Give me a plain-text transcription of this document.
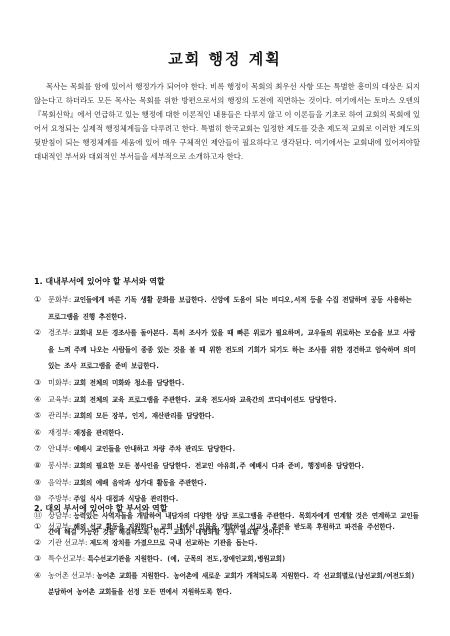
교회 행정 계획

목사는 목회를 함에 있어서 행정가가 되어야 한다. 비록 행정이 목회의 최우선 사항 또는 특별한 흥미의 대상은 되지 않는다고 하더라도 모든 목사는 목회를 위한 방편으로서의 행정의 도전에 직면하는 것이다. 여기에서는 토마스 오덴의 『목회신학』에서 언급하고 있는 행정에 대한 이론적인 내용들은 다루지 않고 이 이론들을 기초로 하여 교회의 목회에 있어서 요청되는 실제적 행정체계들을 다루려고 한다. 특별히 한국교회는 일정한 제도를 갖춘 제도적 교회로 이러한 제도의 뒷받침이 되는 행정체계를 세움에 있어 매우 구체적인 제안들이 필요하다고 생각된다. 여기에서는 교회내에 있어져야할 대내적인 부서와 대외적인 부서들을 세부적으로 소개하고자 한다.

1. 대내부서에 있어야 할 부서와 역할
① 문화부: 교인들에게 바른 기독 생활 문화를 보급한다. 신앙에 도움이 되는 비디오,서적 등을 수집 전달하며 공동 사용하는 프로그램을 진행 추진한다.
② 경조부: 교회내 모든 경조사를 돌아본다. 특히 조사가 있을 때 빠른 위로가 필요하며, 교우들의 위로하는 모습을 보고 사랑을 느껴 주께 나오는 사람들이 종종 있는 것을 볼 때 위한 전도의 기회가 되기도 하는 조사를 위한 경건하고 엄숙하며 의미 있는 조사 프로그램을 준비 보급한다.
③ 미화부: 교회 전체의 미화와 청소를 담당한다.
④ 교육부: 교회 전체의 교육 프로그램을 주관한다. 교육 전도사와 교육간의 코디네이션도 담당한다.
⑤ 관리부: 교회의 모든 장부, 인지, 재산관리를 담당한다.
⑥ 재정부: 재정을 관리한다.
⑦ 안내부: 예배시 교인들을 안내하고 차량 주차 관리도 담당한다.
⑧ 봉사부: 교회의 필요한 모든 봉사인을 담당한다. 전교인 야유회,주 예배시 다과 준비, 행정비용 담당한다.
⑨ 음악부: 교회의 예배 음악과 성가대 활동을 주관한다.
⑩ 주방부: 주일 식사 대접과 식당을 관리한다.
⑪ 상담부: 능력있는 사역자들을 개발하여 내담자의 다양한 상담 프로그램을 주관한다. 목회자에게 연계할 것은 연계하고 교인들간에 해결 가능한 것을 해결하도록 한다. 교회가 대형화할 경우 필요할 것이다.
2. 대외 부서에 있어야 할 부서와 역할
① 선교부: 해외 선교 활동을 지원한다. 교회 내에서 인물을 개발하여 선교사 훈련을 받도록 후원하고 파견을 주선한다.
② 기관 선교부: 제도적 장치를 가졌으므로 국내 선교하는 기관을 돕는다.
③ 특수선교부: 특수선교기관을 지원한다. (예, 군목의 전도,장애인교회,병원교회)
④ 농어촌 선교부: 농어촌 교회를 지원한다. 농어촌에 새로운 교회가 개척되도록 지원한다. 각 선교회별로(남선교회/여전도회) 분담하여 농어촌 교회들을 선정 모든 면에서 지원하도록 한다.
